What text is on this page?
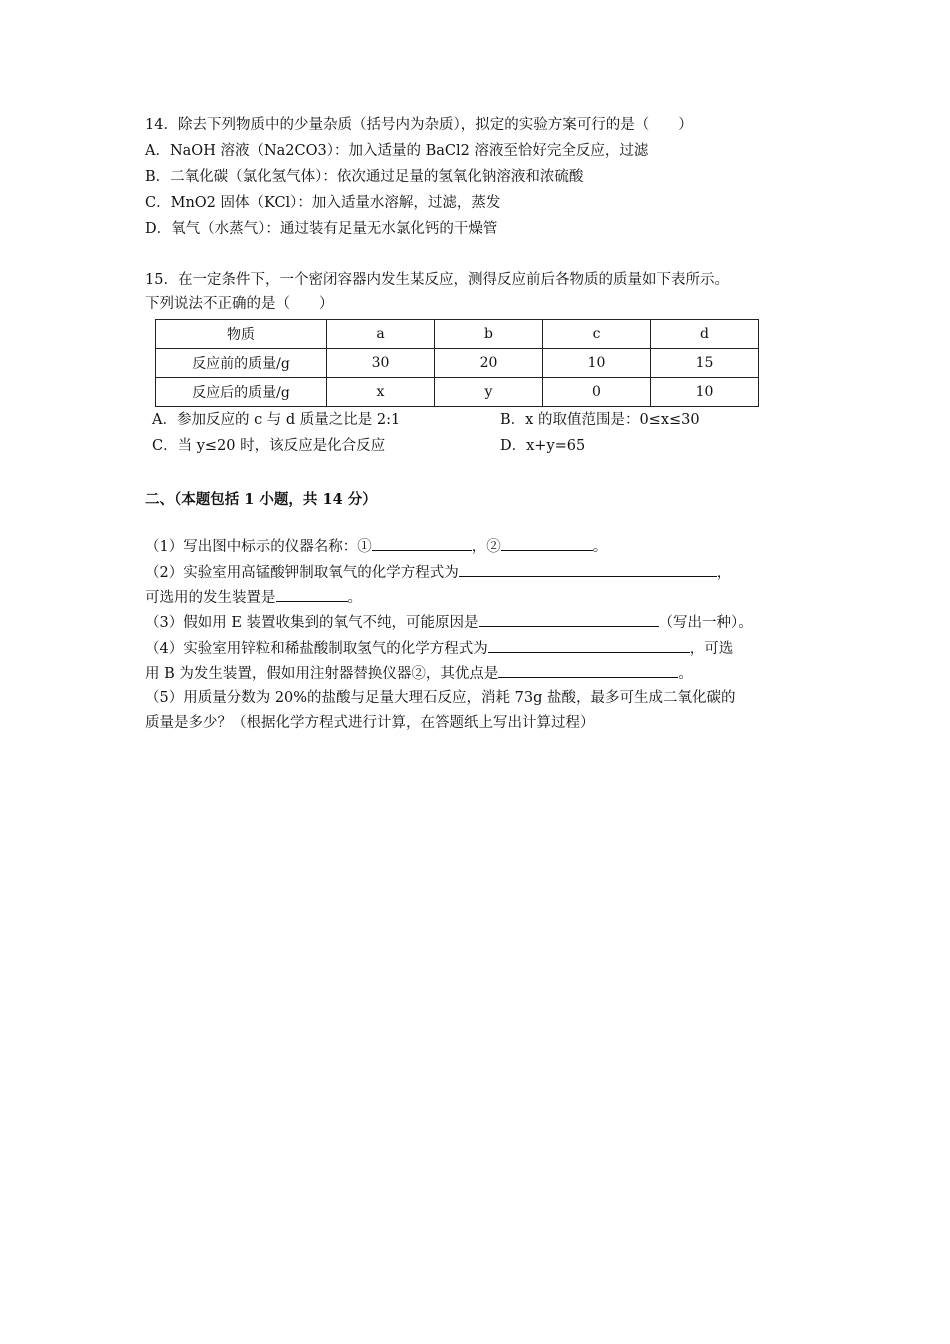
14．除去下列物质中的少量杂质（括号内为杂质），拟定的实验方案可行的是（　　）
A．NaOH 溶液（Na2CO3）：加入适量的 BaCl2 溶液至恰好完全反应，过滤
B．二氧化碳（氯化氢气体）：依次通过足量的氢氧化钠溶液和浓硫酸
C．MnO2 固体（KCl）：加入适量水溶解，过滤，蒸发
D．氧气（水蒸气）：通过装有足量无水氯化钙的干燥管
15．在一定条件下，一个密闭容器内发生某反应，测得反应前后各物质的质量如下表所示。
下列说法不正确的是（　　）
物质	a	b	c	d
反应前的质量/g	30	20	10	15
反应后的质量/g	x	y	0	10
A．参加反应的 c 与 d 质量之比是 2:1	B．x 的取值范围是：0≤x≤30
C．当 y≤20 时，该反应是化合反应	D．x+y=65
二、（本题包括 1 小题，共 14 分）
（1）写出图中标示的仪器名称：①	，②	。
（2）实验室用高锰酸钾制取氧气的化学方程式为	，
可选用的发生装置是	。
（3）假如用 E 装置收集到的氧气不纯，可能原因是	（写出一种）。
（4）实验室用锌粒和稀盐酸制取氢气的化学方程式为	，可选
用 B 为发生装置，假如用注射器替换仪器②，其优点是	。
（5）用质量分数为 20%的盐酸与足量大理石反应，消耗 73g 盐酸，最多可生成二氧化碳的
质量是多少？（根据化学方程式进行计算，在答题纸上写出计算过程）
